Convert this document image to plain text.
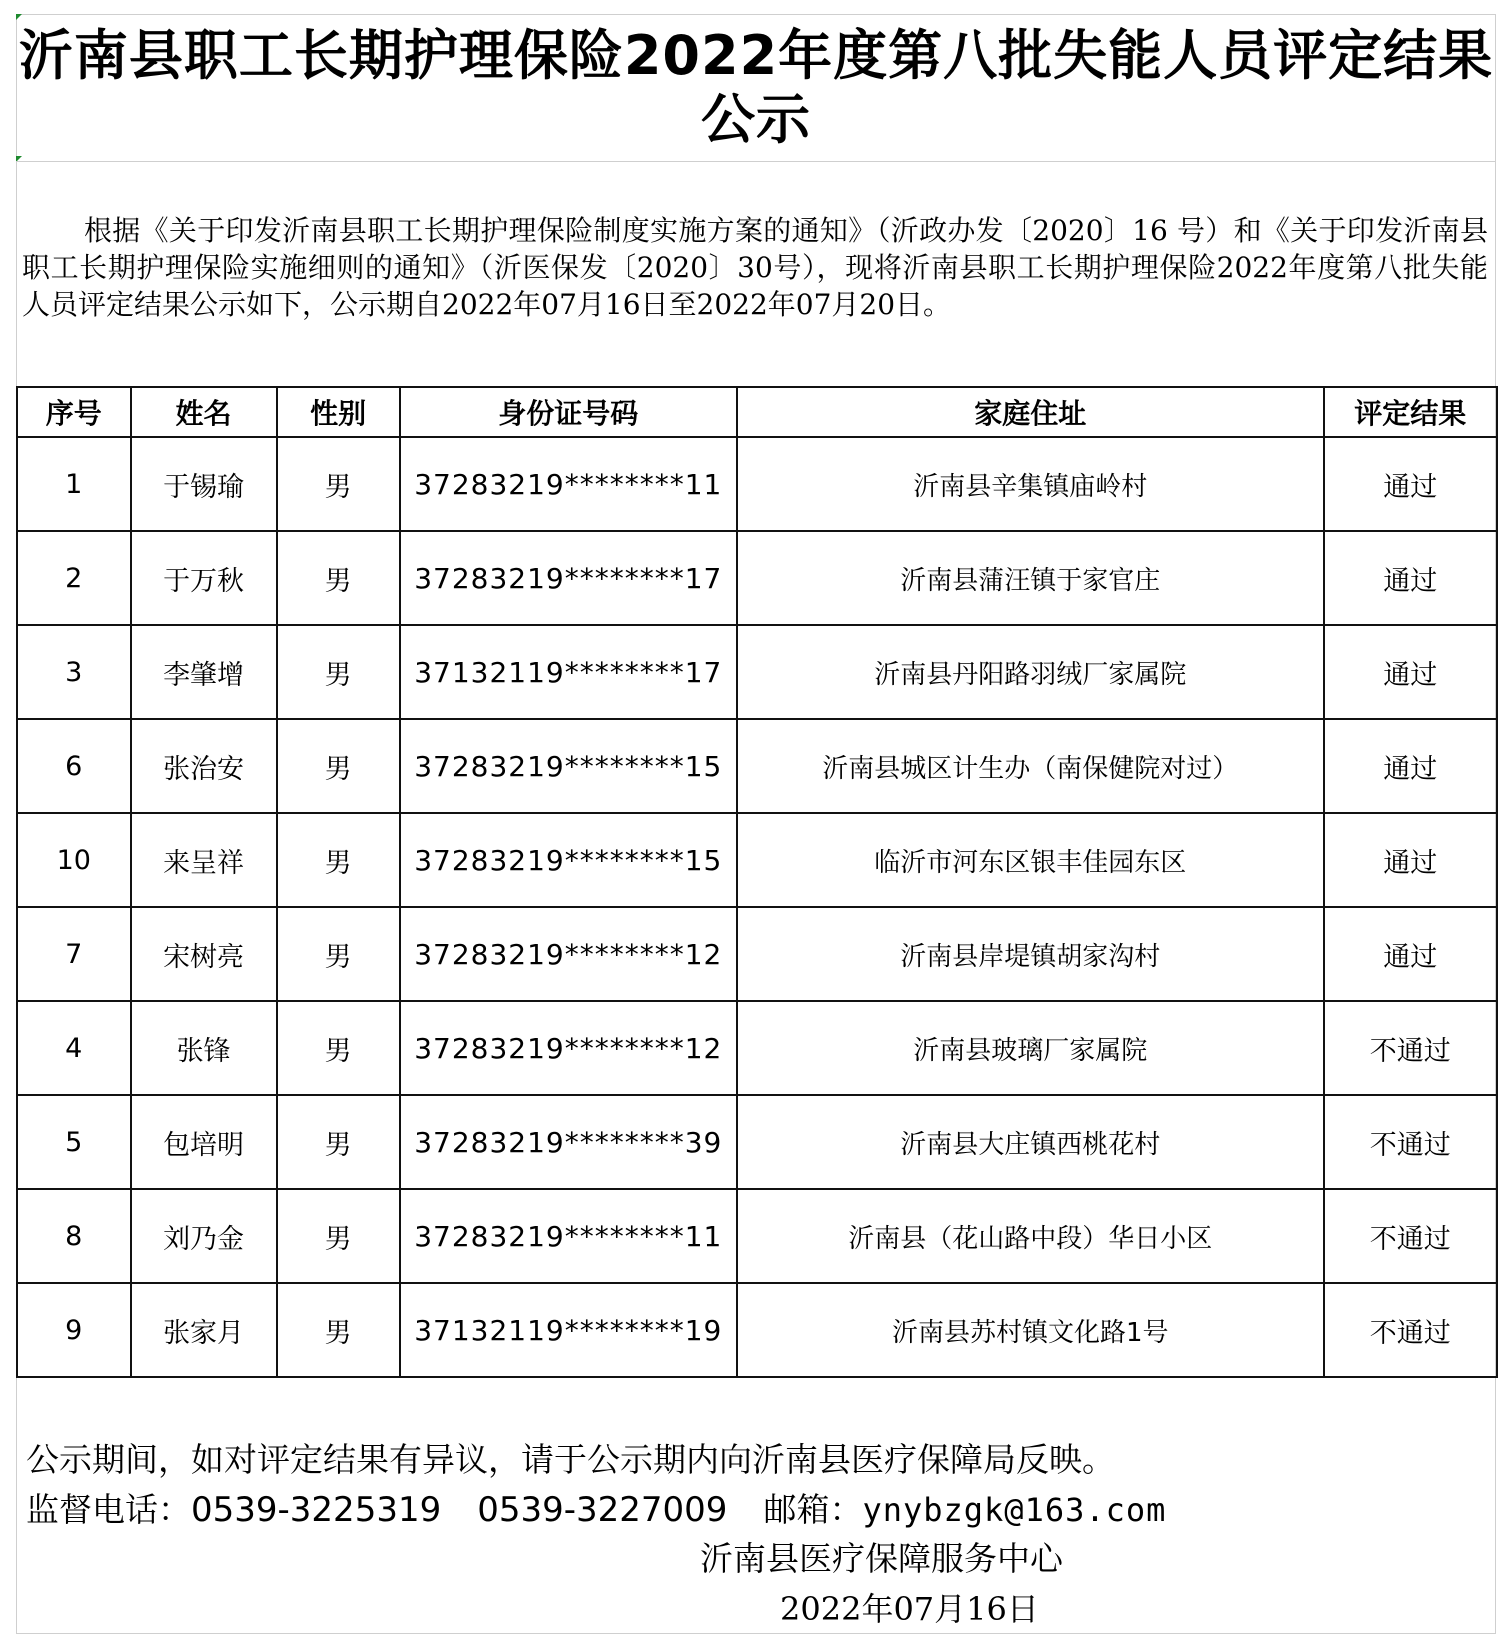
沂南县职工长期护理保险2022年度第八批失能人员评定结果
公示
根据《关于印发沂南县职工长期护理保险制度实施方案的通知》（沂政办发〔2020〕16 号）和《关于印发沂南县职工长期护理保险实施细则的通知》（沂医保发〔2020〕30号），现将沂南县职工长期护理保险2022年度第八批失能人员评定结果公示如下，公示期自2022年07月16日至2022年07月20日。
序号	姓名	性别	身份证号码	家庭住址	评定结果
1	于锡瑜	男	37283219********11	沂南县辛集镇庙岭村	通过
2	于万秋	男	37283219********17	沂南县蒲汪镇于家官庄	通过
3	李肇增	男	37132119********17	沂南县丹阳路羽绒厂家属院	通过
6	张治安	男	37283219********15	沂南县城区计生办（南保健院对过）	通过
10	来呈祥	男	37283219********15	临沂市河东区银丰佳园东区	通过
7	宋树亮	男	37283219********12	沂南县岸堤镇胡家沟村	通过
4	张锋	男	37283219********12	沂南县玻璃厂家属院	不通过
5	包培明	男	37283219********39	沂南县大庄镇西桃花村	不通过
8	刘乃金	男	37283219********11	沂南县（花山路中段）华日小区	不通过
9	张家月	男	37132119********19	沂南县苏村镇文化路1号	不通过
公示期间，如对评定结果有异议，请于公示期内向沂南县医疗保障局反映。
监督电话：0539-3225319 0539-3227009 邮箱：ynybzgk@163.com
沂南县医疗保障服务中心
2022年07月16日
